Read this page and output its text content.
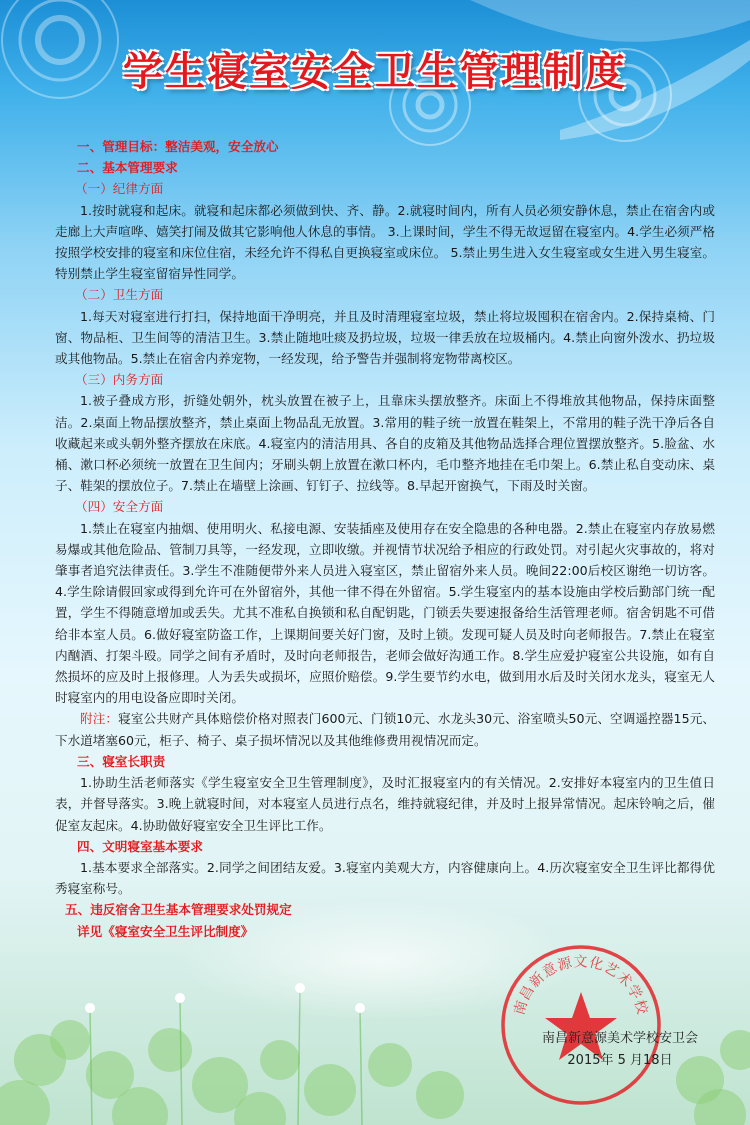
学生寝室安全卫生管理制度

一、管理目标：整洁美观，安全放心

二、基本管理要求

（一）纪律方面

1.按时就寝和起床。就寝和起床都必须做到快、齐、静。2.就寝时间内，所有人员必须安静休息，禁止在宿舍内或走廊上大声喧哗、嬉笑打闹及做其它影响他人休息的事情。 3.上课时间，学生不得无故逗留在寝室内。4.学生必须严格按照学校安排的寝室和床位住宿，未经允许不得私自更换寝室或床位。 5.禁止男生进入女生寝室或女生进入男生寝室。特别禁止学生寝室留宿异性同学。

（二）卫生方面

1.每天对寝室进行打扫，保持地面干净明亮，并且及时清理寝室垃圾，禁止将垃圾囤积在宿舍内。2.保持桌椅、门窗、物品柜、卫生间等的清洁卫生。3.禁止随地吐痰及扔垃圾，垃圾一律丢放在垃圾桶内。4.禁止向窗外泼水、扔垃圾或其他物品。5.禁止在宿舍内养宠物，一经发现，给予警告并强制将宠物带离校区。

（三）内务方面

1.被子叠成方形，折缝处朝外，枕头放置在被子上，且靠床头摆放整齐。床面上不得堆放其他物品，保持床面整洁。2.桌面上物品摆放整齐，禁止桌面上物品乱无放置。3.常用的鞋子统一放置在鞋架上，不常用的鞋子洗干净后各自收藏起来或头朝外整齐摆放在床底。4.寝室内的清洁用具、各自的皮箱及其他物品选择合理位置摆放整齐。5.脸盆、水桶、漱口杯必须统一放置在卫生间内；牙刷头朝上放置在漱口杯内，毛巾整齐地挂在毛巾架上。6.禁止私自变动床、桌子、鞋架的摆放位子。7.禁止在墙壁上涂画、钉钉子、拉线等。8.早起开窗换气，下雨及时关窗。

（四）安全方面

1.禁止在寝室内抽烟、使用明火、私接电源、安装插座及使用存在安全隐患的各种电器。2.禁止在寝室内存放易燃易爆或其他危险品、管制刀具等，一经发现，立即收缴。并视情节状况给予相应的行政处罚。对引起火灾事故的，将对肇事者追究法律责任。3.学生不准随便带外来人员进入寝室区，禁止留宿外来人员。晚间22:00后校区谢绝一切访客。 4.学生除请假回家或得到允许可在外留宿外，其他一律不得在外留宿。5.学生寝室内的基本设施由学校后勤部门统一配置，学生不得随意增加或丢失。尤其不准私自换锁和私自配钥匙，门锁丢失要速报备给生活管理老师。宿舍钥匙不可借给非本室人员。6.做好寝室防盗工作，上课期间要关好门窗，及时上锁。发现可疑人员及时向老师报告。7.禁止在寝室内酗酒、打架斗殴。同学之间有矛盾时，及时向老师报告，老师会做好沟通工作。8.学生应爱护寝室公共设施，如有自然损坏的应及时上报修理。人为丢失或损坏，应照价赔偿。9.学生要节约水电，做到用水后及时关闭水龙头，寝室无人时寝室内的用电设备应即时关闭。

附注：寝室公共财产具体赔偿价格对照表门600元、门锁10元、水龙头30元、浴室喷头50元、空调遥控器15元、下水道堵塞60元，柜子、椅子、桌子损坏情况以及其他维修费用视情况而定。

三、寝室长职责

1.协助生活老师落实《学生寝室安全卫生管理制度》，及时汇报寝室内的有关情况。2.安排好本寝室内的卫生值日表，并督导落实。3.晚上就寝时间，对本寝室人员进行点名，维持就寝纪律，并及时上报异常情况。起床铃响之后，催促室友起床。4.协助做好寝室安全卫生评比工作。

四、文明寝室基本要求

1.基本要求全部落实。2.同学之间团结友爱。3.寝室内美观大方，内容健康向上。4.历次寝室安全卫生评比都得优秀寝室称号。

五、违反宿舍卫生基本管理要求处罚规定

详见《寝室安全卫生评比制度》

南昌新意源文化艺术学校
南昌新意源美术学校安卫会
2015年 5 月18日
